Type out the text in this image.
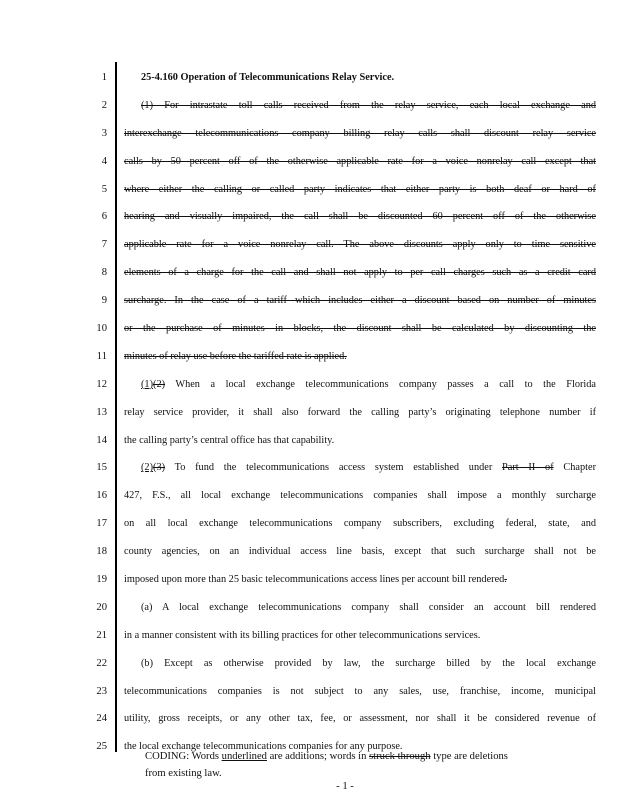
1
2
3
4
5
6
7
8
9
10
11
12
13
14
15
16
17
18
19
20
21
22
23
24
25
25-4.160 Operation of Telecommunications Relay Service.
(1) For intrastate toll calls received from the relay service, each local exchange and
interexchange telecommunications company billing relay calls shall discount relay service
calls by 50 percent off of the otherwise applicable rate for a voice nonrelay call except that
where either the calling or called party indicates that either party is both deaf or hard of
hearing and visually impaired, the call shall be discounted 60 percent off of the otherwise
applicable rate for a voice nonrelay call. The above discounts apply only to time sensitive
elements of a charge for the call and shall not apply to per call charges such as a credit card
surcharge. In the case of a tariff which includes either a discount based on number of minutes
or the purchase of minutes in blocks, the discount shall be calculated by discounting the
minutes of relay use before the tariffed rate is applied.
(1)(2) When a local exchange telecommunications company passes a call to the Florida
relay service provider, it shall also forward the calling party’s originating telephone number if
the calling party’s central office has that capability.
(2)(3) To fund the telecommunications access system established under Part II of Chapter
427, F.S., all local exchange telecommunications companies shall impose a monthly surcharge
on all local exchange telecommunications company subscribers, excluding federal, state, and
county agencies, on an individual access line basis, except that such surcharge shall not be
imposed upon more than 25 basic telecommunications access lines per account bill rendered.
(a) A local exchange telecommunications company shall consider an account bill rendered
in a manner consistent with its billing practices for other telecommunications services.
(b) Except as otherwise provided by law, the surcharge billed by the local exchange
telecommunications companies is not subject to any sales, use, franchise, income, municipal
utility, gross receipts, or any other tax, fee, or assessment, nor shall it be considered revenue of
the local exchange telecommunications companies for any purpose.
CODING: Words underlined are additions; words in struck through type are deletions
from existing law.
- 1 -
